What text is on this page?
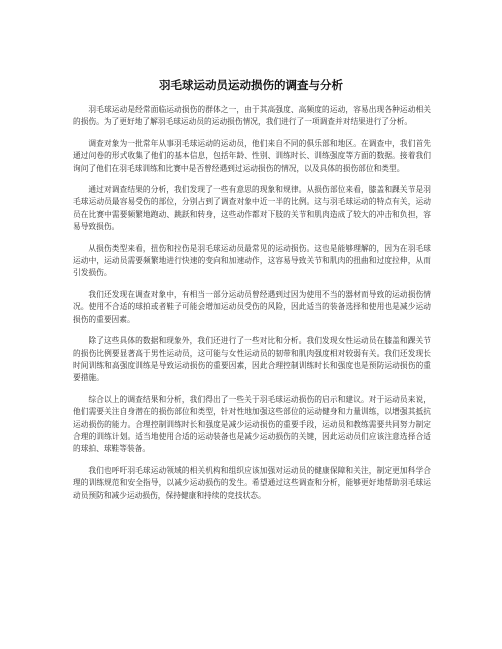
羽毛球运动员运动损伤的调查与分析

羽毛球运动是经常面临运动损伤的群体之一，由于其高强度、高频度的运动，容易出现各种运动相关的损伤。为了更好地了解羽毛球运动员的运动损伤情况，我们进行了一项调查并对结果进行了分析。

调查对象为一批常年从事羽毛球运动的运动员，他们来自不同的俱乐部和地区。在调查中，我们首先通过问卷的形式收集了他们的基本信息，包括年龄、性别、训练时长、训练强度等方面的数据。接着我们询问了他们在羽毛球训练和比赛中是否曾经遇到过运动损伤的情况，以及具体的损伤部位和类型。

通过对调查结果的分析，我们发现了一些有意思的现象和规律。从损伤部位来看，膝盖和踝关节是羽毛球运动员最容易受伤的部位，分别占到了调查对象中近一半的比例。这与羽毛球运动的特点有关，运动员在比赛中需要频繁地跑动、跳跃和转身，这些动作都对下肢的关节和肌肉造成了较大的冲击和负担，容易导致损伤。

从损伤类型来看，扭伤和拉伤是羽毛球运动员最常见的运动损伤。这也是能够理解的，因为在羽毛球运动中，运动员需要频繁地进行快速的变向和加速动作，这容易导致关节和肌肉的扭曲和过度拉伸，从而引发损伤。

我们还发现在调查对象中，有相当一部分运动员曾经遇到过因为使用不当的器材而导致的运动损伤情况。使用不合适的球拍或者鞋子可能会增加运动员受伤的风险，因此适当的装备选择和使用也是减少运动损伤的重要因素。

除了这些具体的数据和现象外，我们还进行了一些对比和分析。我们发现女性运动员在膝盖和踝关节的损伤比例要显著高于男性运动员，这可能与女性运动员的韧带和肌肉强度相对较弱有关。我们还发现长时间训练和高强度训练是导致运动损伤的重要因素，因此合理控制训练时长和强度也是预防运动损伤的重要措施。

综合以上的调查结果和分析，我们得出了一些关于羽毛球运动损伤的启示和建议。对于运动员来说，他们需要关注自身潜在的损伤部位和类型，针对性地加强这些部位的运动健身和力量训练，以增强其抵抗运动损伤的能力。合理控制训练时长和强度是减少运动损伤的重要手段，运动员和教练需要共同努力制定合理的训练计划。适当地使用合适的运动装备也是减少运动损伤的关键，因此运动员们应该注意选择合适的球拍、球鞋等装备。

我们也呼吁羽毛球运动领域的相关机构和组织应该加强对运动员的健康保障和关注，制定更加科学合理的训练规范和安全指导，以减少运动损伤的发生。希望通过这些调查和分析，能够更好地帮助羽毛球运动员预防和减少运动损伤，保持健康和持续的竞技状态。
